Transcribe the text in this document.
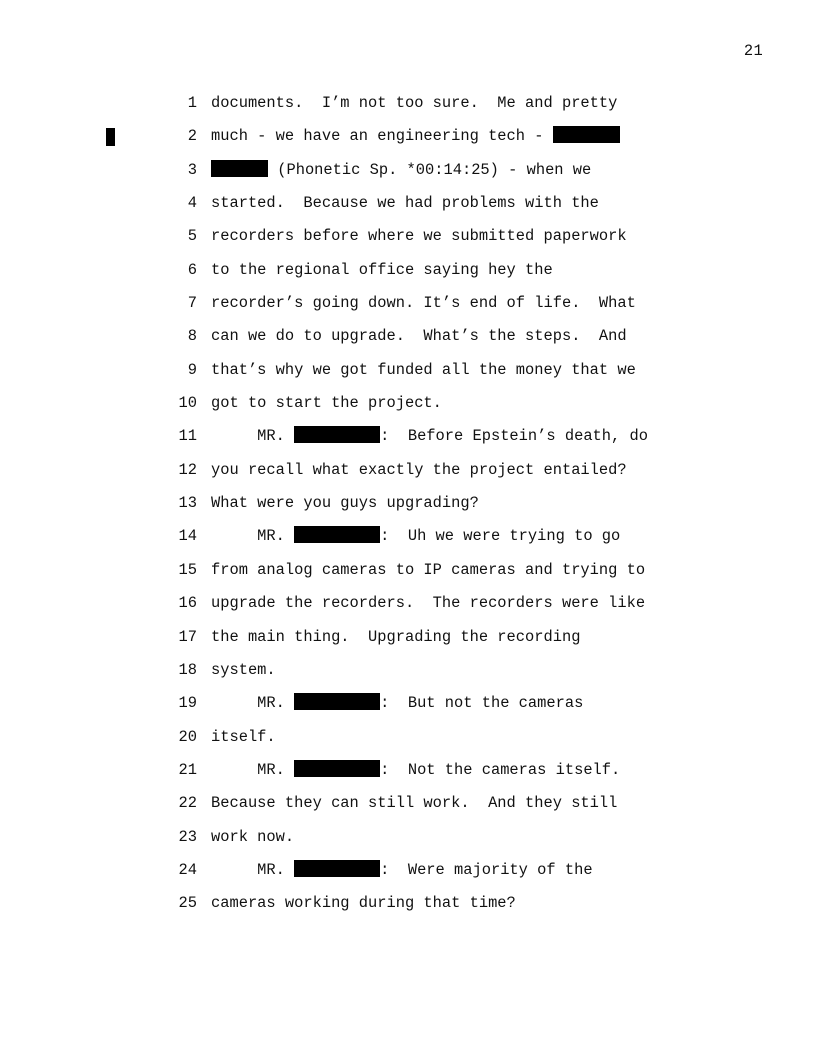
21
1 documents.  I’m not too sure.  Me and pretty
2 much - we have an engineering tech -
3	(Phonetic Sp. *00:14:25) - when we
4 started.  Because we had problems with the
5 recorders before where we submitted paperwork
6 to the regional office saying hey the
7 recorder’s going down. It’s end of life.  What
8 can we do to upgrade.  What’s the steps.  And
9 that’s why we got funded all the money that we
10 got to start the project.
11 MR.	:  Before Epstein’s death, do
12 you recall what exactly the project entailed?
13 What were you guys upgrading?
14 MR.	:  Uh we were trying to go
15 from analog cameras to IP cameras and trying to
16 upgrade the recorders.  The recorders were like
17 the main thing.  Upgrading the recording
18 system.
19 MR.	:  But not the cameras
20 itself.
21 MR.	:  Not the cameras itself.
22 Because they can still work.  And they still
23 work now.
24 MR.	:  Were majority of the
25 cameras working during that time?
